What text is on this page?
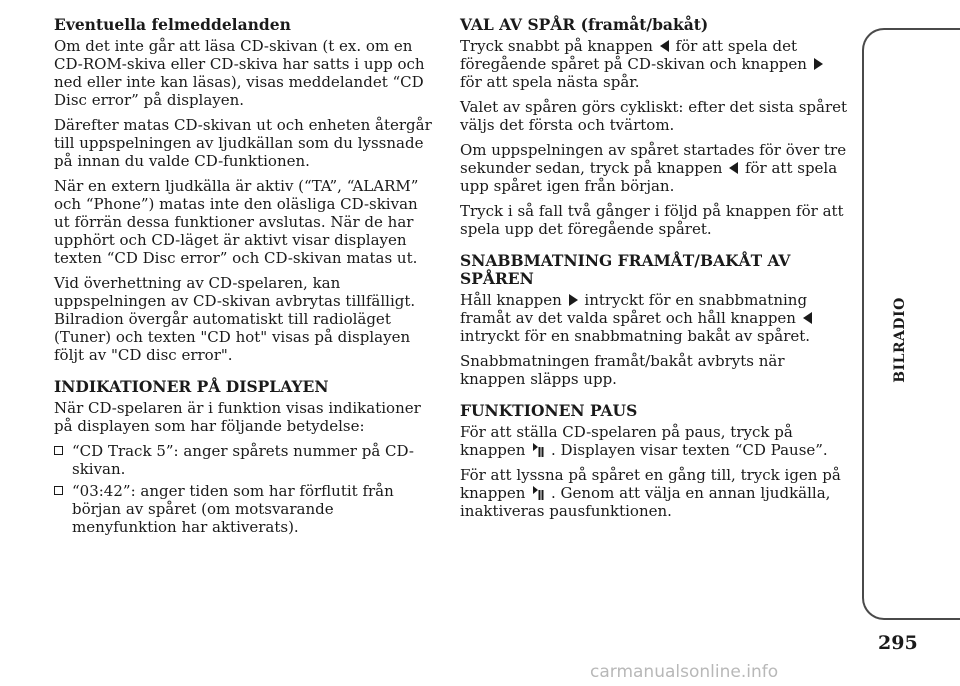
Eventuella felmeddelanden

Om det inte går att läsa CD-skivan (t ex. om en CD-ROM-skiva eller CD-skiva har satts i upp och ned eller inte kan läsas), visas meddelandet “CD Disc error” på displayen.

Därefter matas CD-skivan ut och enheten återgår till uppspelningen av ljudkällan som du lyssnade på innan du valde CD-funktionen.

När en extern ljudkälla är aktiv (“TA”, “ALARM” och “Phone”) matas inte den oläsliga CD-skivan ut förrän dessa funktioner avslutas. När de har upphört och CD-läget är aktivt visar displayen texten “CD Disc error” och CD-skivan matas ut.

Vid överhettning av CD-spelaren, kan uppspelningen av CD-skivan avbrytas tillfälligt. Bilradion övergår automatiskt till radioläget (Tuner) och texten "CD hot" visas på displayen följt av "CD disc error".

INDIKATIONER PÅ DISPLAYEN

När CD-spelaren är i funktion visas indikationer på displayen som har följande betydelse:

“CD Track 5”: anger spårets nummer på CD-skivan.
“03:42”: anger tiden som har förflutit från början av spåret (om motsvarande menyfunktion har aktiverats).
VAL AV SPÅR (framåt/bakåt)

Tryck snabbt på knappen för att spela det föregående spåret på CD-skivan och knappen  för att spela nästa spår.

Valet av spåren görs cykliskt: efter det sista spåret väljs det första och tvärtom.

Om uppspelningen av spåret startades för över tre sekunder sedan, tryck på knappen för att spela upp spåret igen från början.

Tryck i så fall två gånger i följd på knappen för att spela upp det föregående spåret.

SNABBMATNING FRAMÅT/BAKÅT AV SPÅREN

Håll knappen intryckt för en snabbmatning framåt av det valda spåret och håll knappen  intryckt för en snabbmatning bakåt av spåret.

Snabbmatningen framåt/bakåt avbryts när knappen släpps upp.

FUNKTIONEN PAUS

För att ställa CD-spelaren på paus, tryck på knappen . Displayen visar texten “CD Pause”.

För att lyssna på spåret en gång till, tryck igen på knappen . Genom att välja en annan ljudkälla, inaktiveras pausfunktionen.

BILRADIO
295
carmanualsonline.info
